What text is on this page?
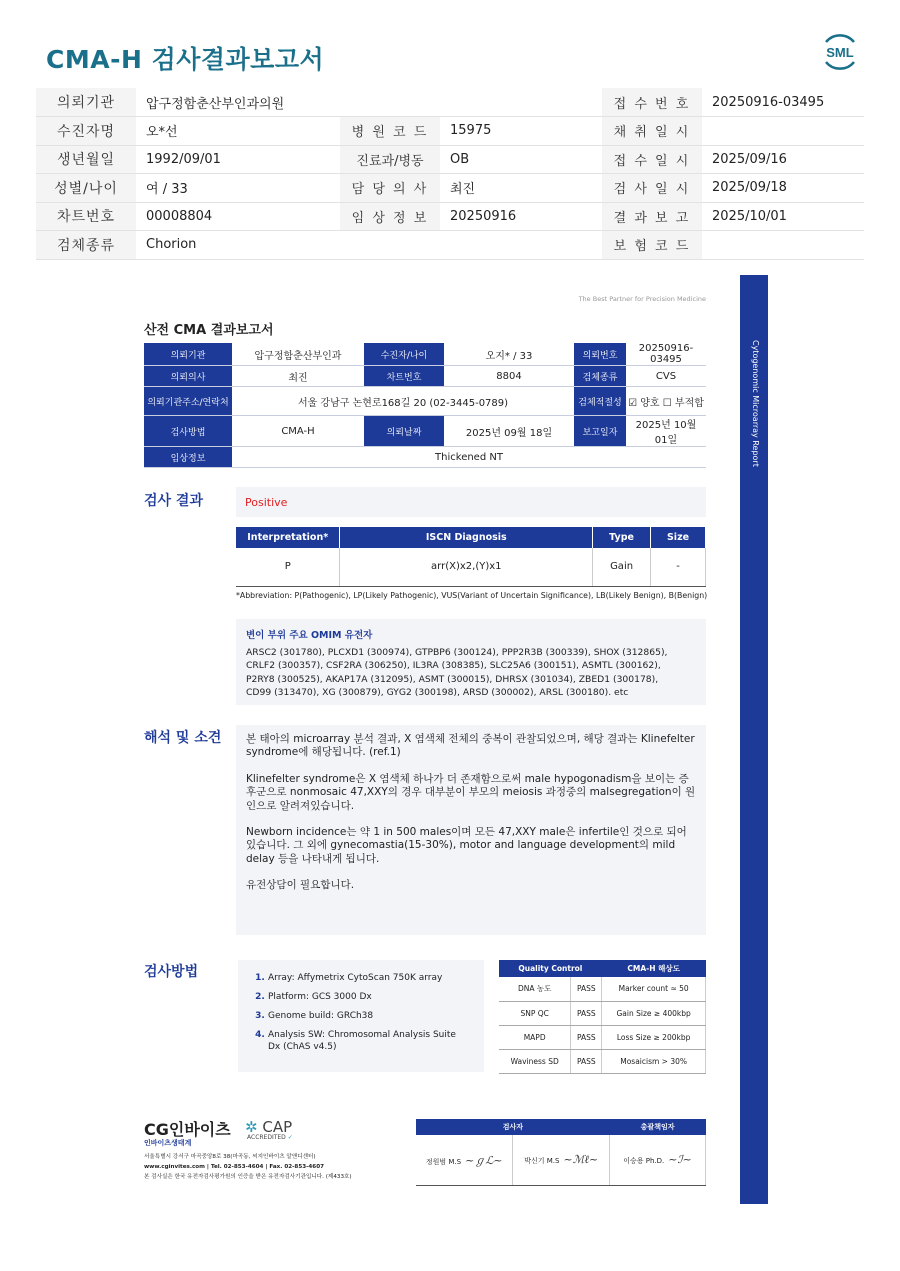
CMA-H 검사결과보고서	SML
의뢰기관	압구정함춘산부인과의원			접 수 번 호	20250916-03495
수진자명	오*선	병 원 코 드	15975	채 취 일 시	
생년월일	1992/09/01	진료과/병동	OB	접 수 일 시	2025/09/16
성별/나이	여 / 33	담 당 의 사	최진	검 사 일 시	2025/09/18
차트번호	00008804	임 상 정 보	20250916	결 과 보 고	2025/10/01
검체종류	Chorion			보 험 코 드	
The Best Partner for Precision Medicine
산전 CMA 결과보고서
Cytogenomic Microarray Report
의뢰기관	압구정함춘산부인과	수진자/나이	오지* / 33	의뢰번호	20250916-03495
의뢰의사	최진	차트번호	8804	검체종류	CVS
의뢰기관주소/연락처	서울 강남구 논현로168길 20 (02-3445-0789)			검체적절성	☑ 양호 ☐ 부적합
검사방법	CMA-H	의뢰날짜	2025년 09월 18일	보고일자	2025년 10월 01일
임상정보	Thickened NT				
검사 결과	Positive
Interpretation*	ISCN Diagnosis	Type	Size
P	arr(X)x2,(Y)x1	Gain	-
*Abbreviation: P(Pathogenic), LP(Likely Pathogenic), VUS(Variant of Uncertain Significance), LB(Likely Benign), B(Benign)
변이 부위 주요 OMIM 유전자
ARSC2 (301780), PLCXD1 (300974), GTPBP6 (300124), PPP2R3B (300339), SHOX (312865),
CRLF2 (300357), CSF2RA (306250), IL3RA (308385), SLC25A6 (300151), ASMTL (300162),
P2RY8 (300525), AKAP17A (312095), ASMT (300015), DHRSX (301034), ZBED1 (300178),
CD99 (313470), XG (300879), GYG2 (300198), ARSD (300002), ARSL (300180). etc
해석 및 소견 본 태아의 microarray 분석 결과, X 염색체 전체의 중복이 관찰되었으며, 해당 결과는 Klinefelter syndrome에 해당됩니다. (ref.1)

Klinefelter syndrome은 X 염색체 하나가 더 존재함으로써 male hypogonadism을 보이는 증후군으로 nonmosaic 47,XXY의 경우 대부분이 부모의 meiosis 과정중의 malsegregation이 원인으로 알려져있습니다.

Newborn incidence는 약 1 in 500 males이며 모든 47,XXY male은 infertile인 것으로 되어 있습니다. 그 외에 gynecomastia(15-30%), motor and language development의 mild delay 등을 나타내게 됩니다.

유전상담이 필요합니다.

검사방법	1. Array: Affymetrix CytoScan 750K array
2. Platform: GCS 3000 Dx
3. Genome build: GRCh38
4. Analysis SW: Chromosomal Analysis Suite Dx (ChAS v4.5)
Quality Control		CMA-H 해상도
DNA 농도	PASS	Marker count ≈ 50
SNP QC	PASS	Gain Size ≥ 400kbp
MAPD	PASS	Loss Size ≥ 200kbp
Waviness SD	PASS	Mosaicism > 30%
CG인바이츠
인바이츠생태계
✲ CAP
ACCREDITED ✓
서울특별시 강서구 마곡중앙8로 38(마곡동, 씨지인바이츠 알앤디센터)
www.cginvites.com | Tel. 02-853-4604 | Fax. 02-853-4607
본 검사실은 한국 유전자검사평가원의 인증을 받은 유전자검사기관입니다. (제433호)
검사자		총괄책임자
정원범 M.S ~ℊℒ~	박신기 M.S ~ℳℓ~	이승용 Ph.D. ~ℐ~
